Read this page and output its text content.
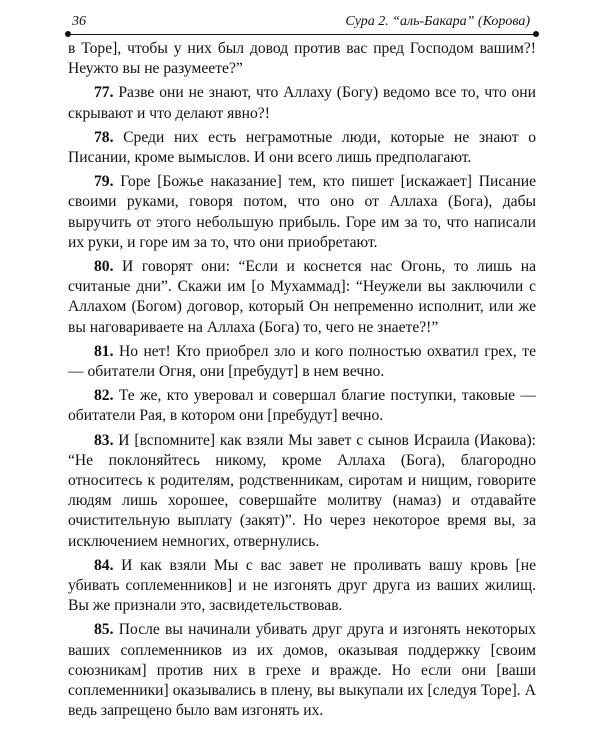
36	Сура 2. “аль-Бакара” (Корова)

в Торе], чтобы у них был довод против вас пред Господом вашим?! Неужто вы не разумеете?”

77. Разве они не знают, что Аллаху (Богу) ведомо все то, что они скрывают и что делают явно?!

78. Среди них есть неграмотные люди, которые не знают о Писании, кроме вымыслов. И они всего лишь предполагают.

79. Горе [Божье наказание] тем, кто пишет [искажает] Писание своими руками, говоря потом, что оно от Аллаха (Бога), дабы выручить от этого небольшую прибыль. Горе им за то, что написали их руки, и горе им за то, что они приобретают.

80. И говорят они: “Если и коснется нас Огонь, то лишь на считаные дни”. Скажи им [о Мухаммад]: “Неужели вы заключили с Аллахом (Богом) договор, который Он непременно исполнит, или же вы наговариваете на Аллаха (Бога) то, чего не знаете?!”

81. Но нет! Кто приобрел зло и кого полностью охватил грех, те — обитатели Огня, они [пребудут] в нем вечно.

82. Те же, кто уверовал и совершал благие поступки, таковые — обитатели Рая, в котором они [пребудут] вечно.

83. И [вспомните] как взяли Мы завет с сынов Исраила (Иакова): “Не поклоняйтесь никому, кроме Аллаха (Бога), благородно относитесь к родителям, родственникам, сиротам и нищим, говорите людям лишь хорошее, совершайте молитву (намаз) и отдавайте очистительную выплату (закят)”. Но через некоторое время вы, за исключением немногих, отвернулись.

84. И как взяли Мы с вас завет не проливать вашу кровь [не убивать соплеменников] и не изгонять друг друга из ваших жилищ. Вы же признали это, засвидетельствовав.

85. После вы начинали убивать друг друга и изгонять некоторых ваших соплеменников из их домов, оказывая поддержку [своим союзникам] против них в грехе и вражде. Но если они [ваши соплеменники] оказывались в плену, вы выкупали их [следуя Торе]. А ведь запрещено было вам изгонять их.
